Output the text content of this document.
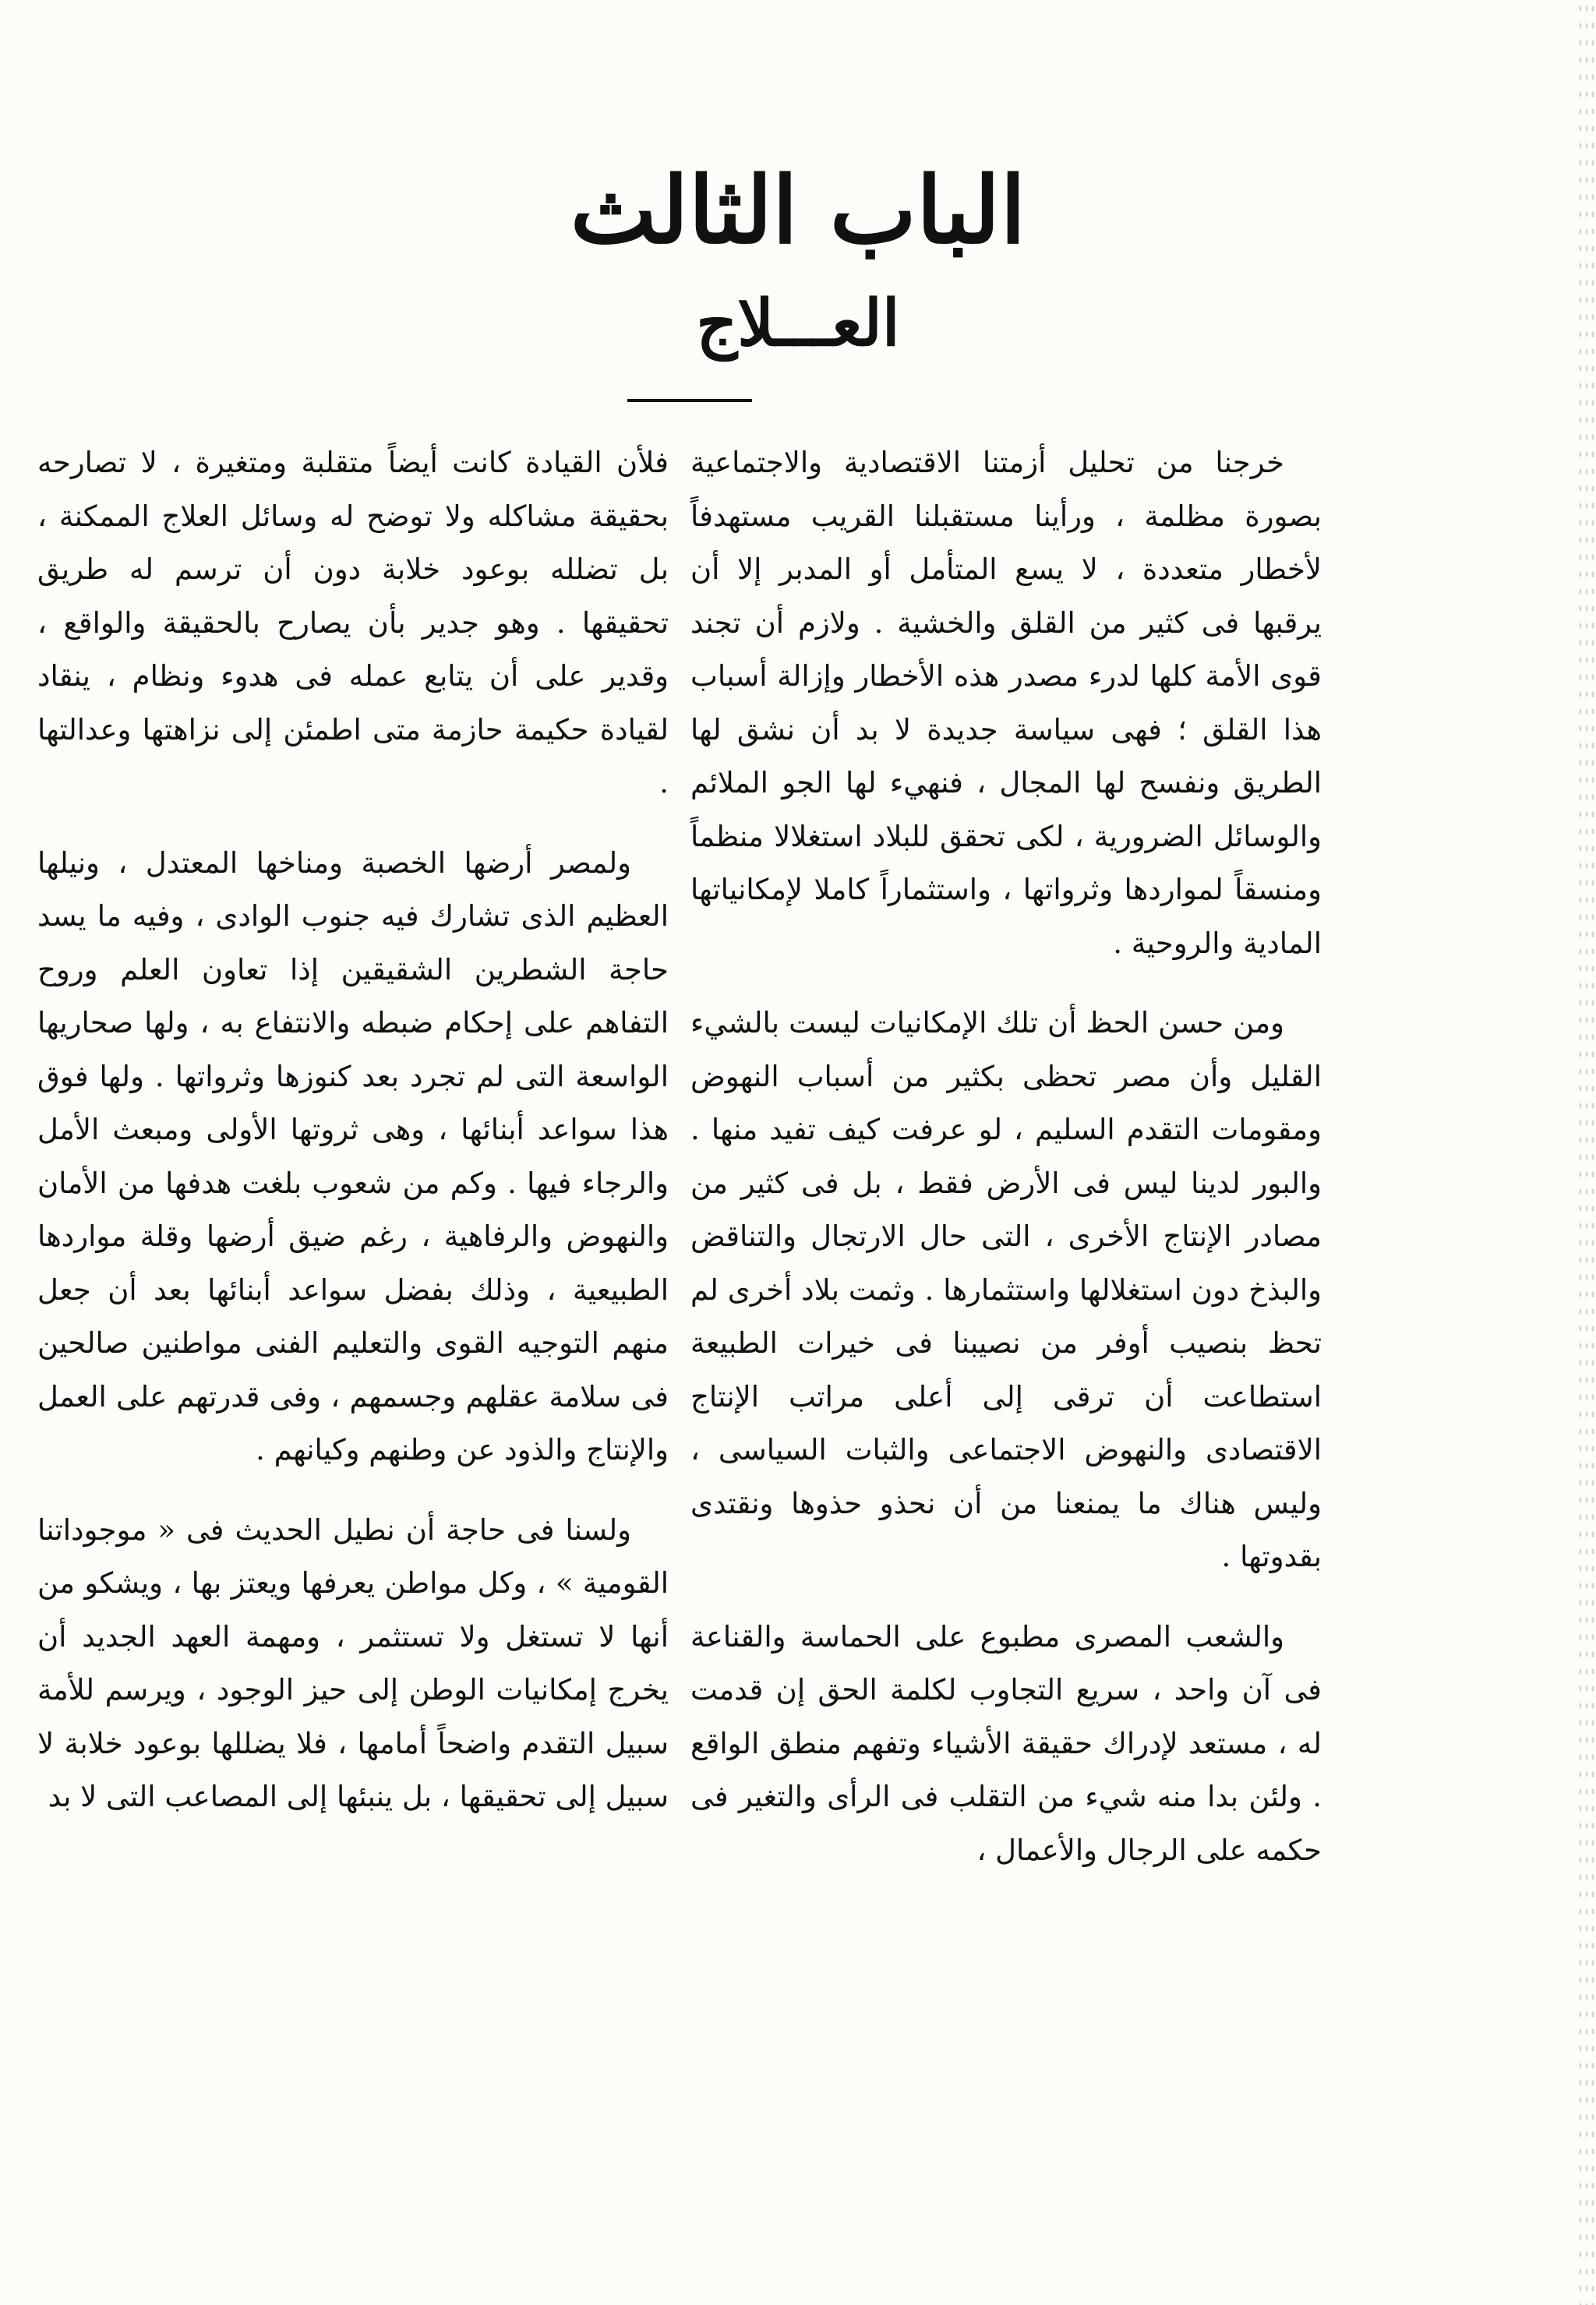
الباب الثالث
العـــلاج

خرجنا من تحليل أزمتنا الاقتصادية والاجتماعية بصورة مظلمة ، ورأينا مستقبلنا القريب مستهدفاً لأخطار متعددة ، لا يسع المتأمل أو المدبر إلا أن يرقبها فى كثير من القلق والخشية . ولازم أن تجند قوى الأمة كلها لدرء مصدر هذه الأخطار وإزالة أسباب هذا القلق ؛ فهى سياسة جديدة لا بد أن نشق لها الطريق ونفسح لها المجال ، فنهيء لها الجو الملائم والوسائل الضرورية ، لكى تحقق للبلاد استغلالا منظماً ومنسقاً لمواردها وثرواتها ، واستثماراً كاملا لإمكانياتها المادية والروحية .

ومن حسن الحظ أن تلك الإمكانيات ليست بالشيء القليل وأن مصر تحظى بكثير من أسباب النهوض ومقومات التقدم السليم ، لو عرفت كيف تفيد منها . والبور لدينا ليس فى الأرض فقط ، بل فى كثير من مصادر الإنتاج الأخرى ، التى حال الارتجال والتناقض والبذخ دون استغلالها واستثمارها . وثمت بلاد أخرى لم تحظ بنصيب أوفر من نصيبنا فى خيرات الطبيعة استطاعت أن ترقى إلى أعلى مراتب الإنتاج الاقتصادى والنهوض الاجتماعى والثبات السياسى ، وليس هناك ما يمنعنا من أن نحذو حذوها ونقتدى بقدوتها .

والشعب المصرى مطبوع على الحماسة والقناعة فى آن واحد ، سريع التجاوب لكلمة الحق إن قدمت له ، مستعد لإدراك حقيقة الأشياء وتفهم منطق الواقع . ولئن بدا منه شيء من التقلب فى الرأى والتغير فى حكمه على الرجال والأعمال ،

فلأن القيادة كانت أيضاً متقلبة ومتغيرة ، لا تصارحه بحقيقة مشاكله ولا توضح له وسائل العلاج الممكنة ، بل تضلله بوعود خلابة دون أن ترسم له طريق تحقيقها . وهو جدير بأن يصارح بالحقيقة والواقع ، وقدير على أن يتابع عمله فى هدوء ونظام ، ينقاد لقيادة حكيمة حازمة متى اطمئن إلى نزاهتها وعدالتها .

ولمصر أرضها الخصبة ومناخها المعتدل ، ونيلها العظيم الذى تشارك فيه جنوب الوادى ، وفيه ما يسد حاجة الشطرين الشقيقين إذا تعاون العلم وروح التفاهم على إحكام ضبطه والانتفاع به ، ولها صحاريها الواسعة التى لم تجرد بعد كنوزها وثرواتها . ولها فوق هذا سواعد أبنائها ، وهى ثروتها الأولى ومبعث الأمل والرجاء فيها . وكم من شعوب بلغت هدفها من الأمان والنهوض والرفاهية ، رغم ضيق أرضها وقلة مواردها الطبيعية ، وذلك بفضل سواعد أبنائها بعد أن جعل منهم التوجيه القوى والتعليم الفنى مواطنين صالحين فى سلامة عقلهم وجسمهم ، وفى قدرتهم على العمل والإنتاج والذود عن وطنهم وكيانهم .

ولسنا فى حاجة أن نطيل الحديث فى « موجوداتنا القومية » ، وكل مواطن يعرفها ويعتز بها ، ويشكو من أنها لا تستغل ولا تستثمر ، ومهمة العهد الجديد أن يخرج إمكانيات الوطن إلى حيز الوجود ، ويرسم للأمة سبيل التقدم واضحاً أمامها ، فلا يضللها بوعود خلابة لا سبيل إلى تحقيقها ، بل ينبئها إلى المصاعب التى لا بد
